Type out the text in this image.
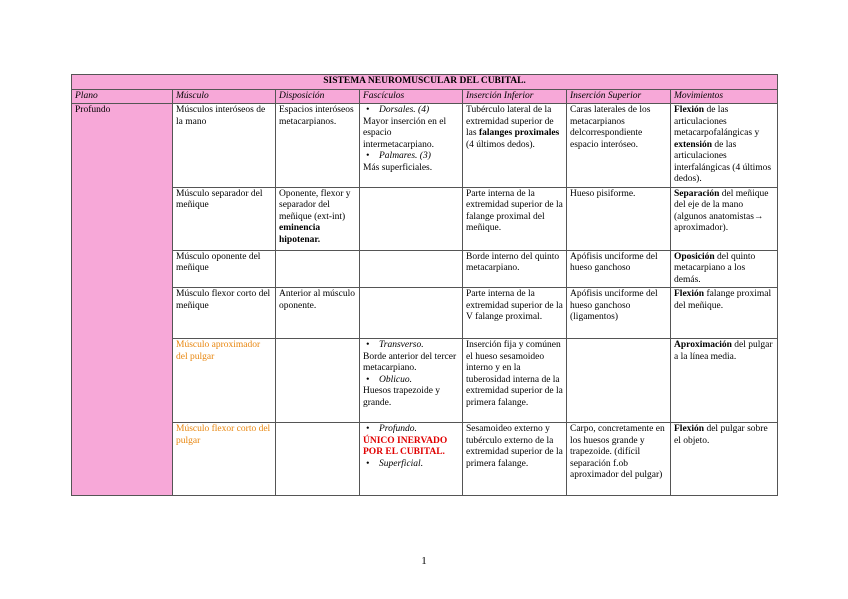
SISTEMA NEUROMUSCULAR DEL CUBITAL.						
Plano	Músculo	Disposición	Fascículos	Inserción Inferior	Inserción Superior	Movimientos
Profundo	Músculos interóseos de la mano	Espacios interóseos metacarpianos.	• Dorsales. (4)
Mayor inserción en el espacio intermetacarpiano.
• Palmares. (3)
Más superficiales.	Tubérculo lateral de la extremidad superior de las falanges proximales (4 últimos dedos).	Caras laterales de los metacarpianos delcorrespondiente espacio interóseo.	Flexión de las articulaciones metacarpofalángicas y extensión de las articulaciones interfalángicas (4 últimos dedos).
	Músculo separador del meñique	Oponente, flexor y separador del meñique (ext-int) eminencia hipotenar.		Parte interna de la extremidad superior de la falange proximal del meñique.	Hueso pisiforme.	Separación del meñique del eje de la mano (algunos anatomistas→ aproximador).
	Músculo oponente del meñique			Borde interno del quinto metacarpiano.	Apófisis unciforme del hueso ganchoso	Oposición del quinto metacarpiano a los demás.
	Músculo flexor corto del meñique	Anterior al músculo oponente.		Parte interna de la extremidad superior de la V falange proximal.	Apófisis unciforme del hueso ganchoso (ligamentos)	Flexión falange proximal del meñique.
	Músculo aproximador del pulgar		• Transverso.
Borde anterior del tercer metacarpiano.
• Oblicuo.
Huesos trapezoide y grande.	Inserción fija y comúnen el hueso sesamoideo interno y en la tuberosidad interna de la extremidad superior de la primera falange.		Aproximación del pulgar a la línea media.
	Músculo flexor corto del pulgar		• Profundo.
ÚNICO INERVADO POR EL CUBITAL.
• Superficial.	Sesamoideo externo y tubérculo externo de la extremidad superior de la primera falange.	Carpo, concretamente en los huesos grande y trapezoide. (difícil separación f.ob aproximador del pulgar)	Flexión del pulgar sobre el objeto.
1
